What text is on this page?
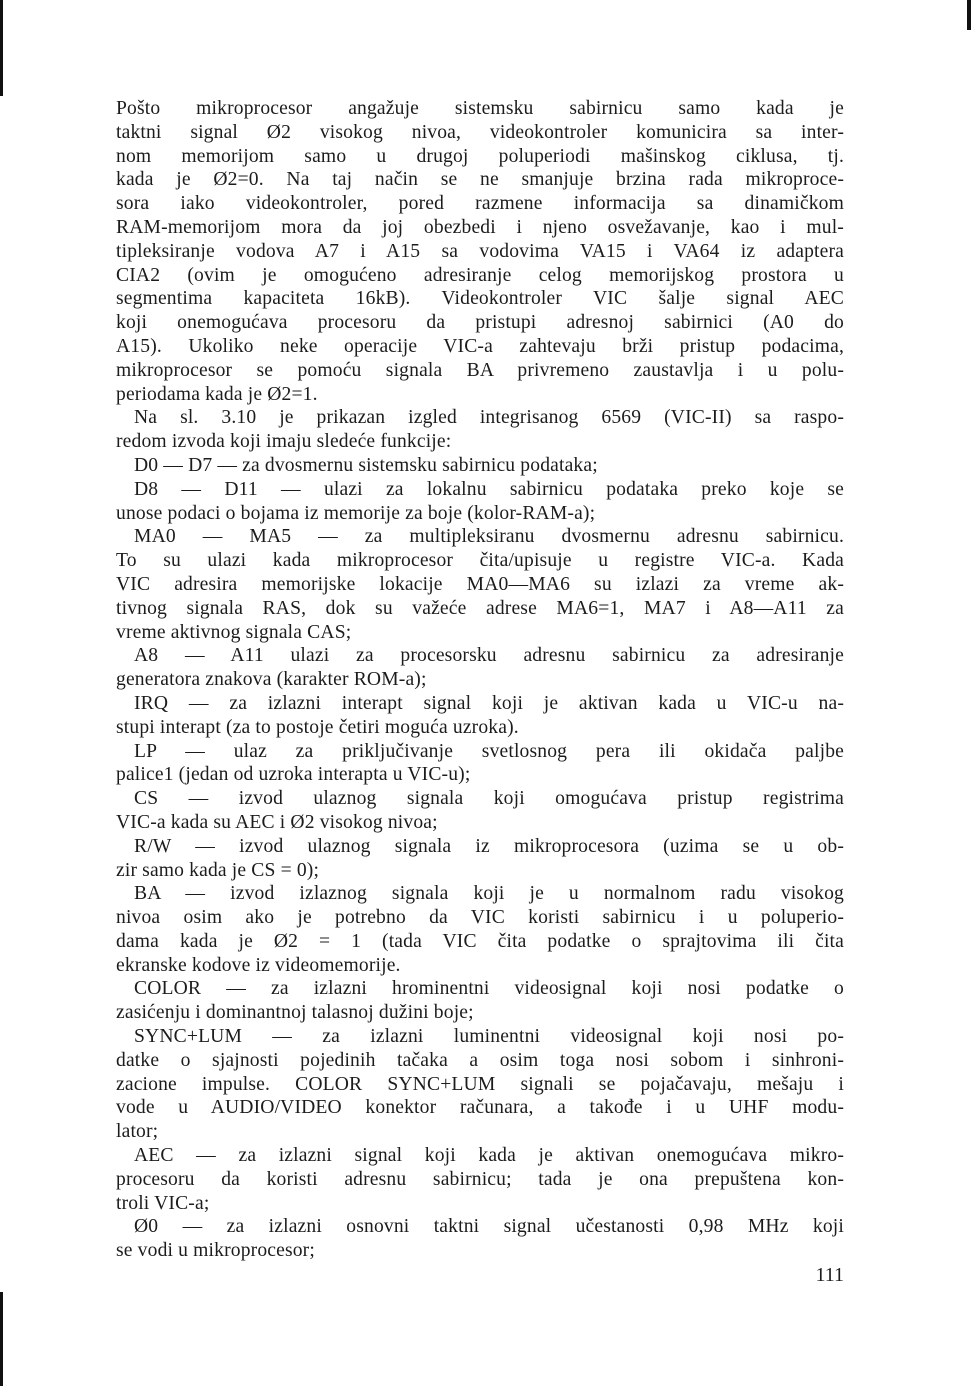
Pošto mikroprocesor angažuje sistemsku sabirnicu samo kada je
taktni signal Ø2 visokog nivoa, videokontroler komunicira sa inter-
nom memorijom samo u drugoj poluperiodi mašinskog ciklusa, tj.
kada je Ø2=0. Na taj način se ne smanjuje brzina rada mikroproce-
sora iako videokontroler, pored razmene informacija sa dinamičkom
RAM-memorijom mora da joj obezbedi i njeno osvežavanje, kao i mul-
tipleksiranje vodova A7 i A15 sa vodovima VA15 i VA64 iz adaptera
CIA2 (ovim je omogućeno adresiranje celog memorijskog prostora u
segmentima kapaciteta 16kB). Videokontroler VIC šalje signal AEC
koji onemogućava procesoru da pristupi adresnoj sabirnici (A0 do
A15). Ukoliko neke operacije VIC-a zahtevaju brži pristup podacima,
mikroprocesor se pomoću signala BA privremeno zaustavlja i u polu-
periodama kada je Ø2=1.
Na sl. 3.10 je prikazan izgled integrisanog 6569 (VIC-II) sa raspo-
redom izvoda koji imaju sledeće funkcije:
D0 — D7 — za dvosmernu sistemsku sabirnicu podataka;
D8 — D11 — ulazi za lokalnu sabirnicu podataka preko koje se
unose podaci o bojama iz memorije za boje (kolor-RAM-a);
MA0 — MA5 — za multipleksiranu dvosmernu adresnu sabirnicu.
To su ulazi kada mikroprocesor čita/upisuje u registre VIC-a. Kada
VIC adresira memorijske lokacije MA0—MA6 su izlazi za vreme ak-
tivnog signala RAS, dok su važeće adrese MA6=1, MA7 i A8—A11 za
vreme aktivnog signala CAS;
A8 — A11 ulazi za procesorsku adresnu sabirnicu za adresiranje
generatora znakova (karakter ROM-a);
IRQ — za izlazni interapt signal koji je aktivan kada u VIC-u na-
stupi interapt (za to postoje četiri moguća uzroka).
LP — ulaz za priključivanje svetlosnog pera ili okidača paljbe
palice1 (jedan od uzroka interapta u VIC-u);
CS — izvod ulaznog signala koji omogućava pristup registrima
VIC-a kada su AEC i Ø2 visokog nivoa;
R/W — izvod ulaznog signala iz mikroprocesora (uzima se u ob-
zir samo kada je CS = 0);
BA — izvod izlaznog signala koji je u normalnom radu visokog
nivoa osim ako je potrebno da VIC koristi sabirnicu i u poluperio-
dama kada je Ø2 = 1 (tada VIC čita podatke o sprajtovima ili čita
ekranske kodove iz videomemorije.
COLOR — za izlazni hrominentni videosignal koji nosi podatke o
zasićenju i dominantnoj talasnoj dužini boje;
SYNC+LUM — za izlazni luminentni videosignal koji nosi po-
datke o sjajnosti pojedinih tačaka a osim toga nosi sobom i sinhroni-
zacione impulse. COLOR SYNC+LUM signali se pojačavaju, mešaju i
vode u AUDIO/VIDEO konektor računara, a takođe i u UHF modu-
lator;
AEC — za izlazni signal koji kada je aktivan onemogućava mikro-
procesoru da koristi adresnu sabirnicu; tada je ona prepuštena kon-
troli VIC-a;
Ø0 — za izlazni osnovni taktni signal učestanosti 0,98 MHz koji
se vodi u mikroprocesor;
111
